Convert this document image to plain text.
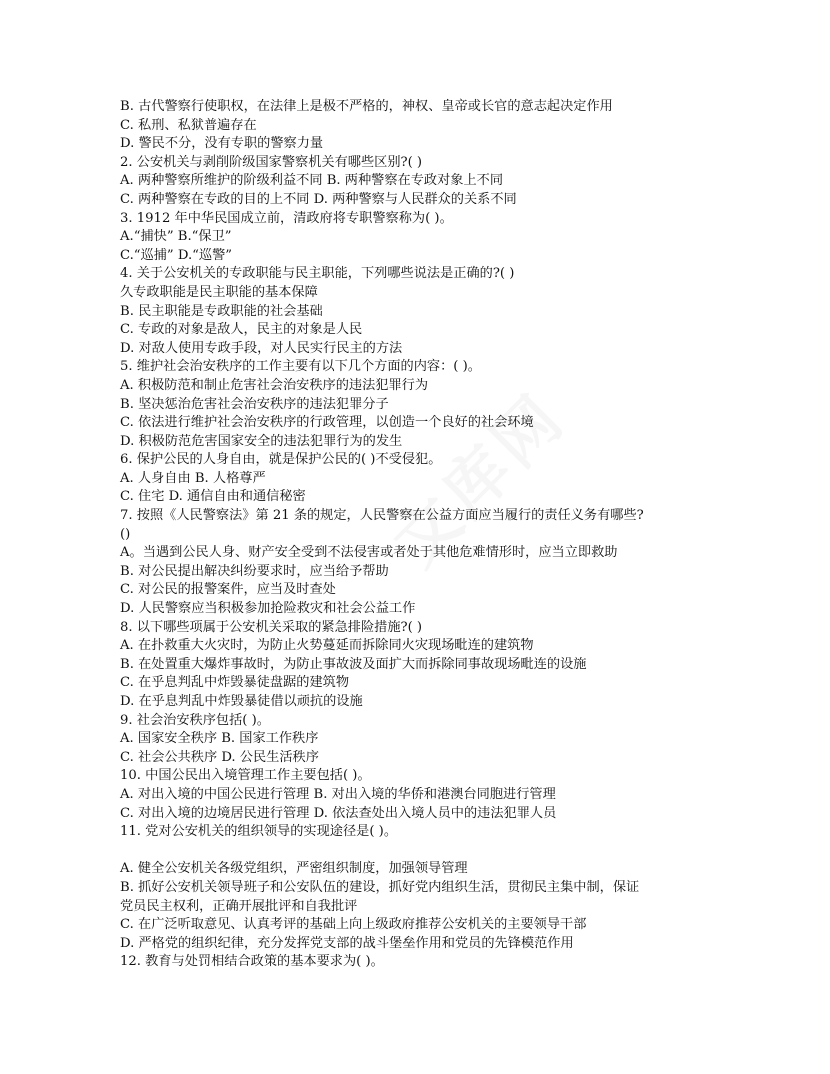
B. 古代警察行使职权，在法律上是极不严格的，神权、皇帝或长官的意志起决定作用
C. 私刑、私狱普遍存在
D. 警民不分，没有专职的警察力量
2. 公安机关与剥削阶级国家警察机关有哪些区别?( )
A. 两种警察所维护的阶级利益不同 B. 两种警察在专政对象上不同
C. 两种警察在专政的目的上不同 D. 两种警察与人民群众的关系不同
3. 1912 年中华民国成立前，清政府将专职警察称为( )。
A.“捕快” B.“保卫”
C.“巡捕” D.“巡警”
4. 关于公安机关的专政职能与民主职能，下列哪些说法是正确的?( )
久专政职能是民主职能的基本保障
B. 民主职能是专政职能的社会基础
C. 专政的对象是敌人，民主的对象是人民
D. 对敌人使用专政手段，对人民实行民主的方法
5. 维护社会治安秩序的工作主要有以下几个方面的内容：( )。
A. 积极防范和制止危害社会治安秩序的违法犯罪行为
B. 坚决惩治危害社会治安秩序的违法犯罪分子
C. 依法进行维护社会治安秩序的行政管理，以创造一个良好的社会环境
D. 积极防范危害国家安全的违法犯罪行为的发生
6. 保护公民的人身自由，就是保护公民的( )不受侵犯。
A. 人身自由 B. 人格尊严
C. 住宅 D. 通信自由和通信秘密
7. 按照《人民警察法》第 21 条的规定，人民警察在公益方面应当履行的责任义务有哪些?
()
A。当遇到公民人身、财产安全受到不法侵害或者处于其他危难情形时，应当立即救助
B. 对公民提出解决纠纷要求时，应当给予帮助
C. 对公民的报警案件，应当及时查处
D. 人民警察应当积极参加抢险救灾和社会公益工作
8. 以下哪些项属于公安机关采取的紧急排险措施?( )
A. 在扑救重大火灾时，为防止火势蔓延而拆除同火灾现场毗连的建筑物
B. 在处置重大爆炸事故时，为防止事故波及面扩大而拆除同事故现场毗连的设施
C. 在乎息判乱中炸毁暴徒盘踞的建筑物
D. 在乎息判乱中炸毁暴徒借以顽抗的设施
9. 社会治安秩序包括( )。
A. 国家安全秩序 B. 国家工作秩序
C. 社会公共秩序 D. 公民生活秩序
10. 中国公民出入境管理工作主要包括( )。
A. 对出入境的中国公民进行管理 B. 对出入境的华侨和港澳台同胞进行管理
C. 对出入境的边境居民进行管理 D. 依法查处出入境人员中的违法犯罪人员
11. 党对公安机关的组织领导的实现途径是( )。
A. 健全公安机关各级党组织，严密组织制度，加强领导管理
B. 抓好公安机关领导班子和公安队伍的建设，抓好党内组织生活，贯彻民主集中制，保证
党员民主权利，正确开展批评和自我批评
C. 在广泛听取意见、认真考评的基础上向上级政府推荐公安机关的主要领导干部
D. 严格党的组织纪律，充分发挥党支部的战斗堡垒作用和党员的先锋模范作用
12. 教育与处罚相结合政策的基本要求为( )。
